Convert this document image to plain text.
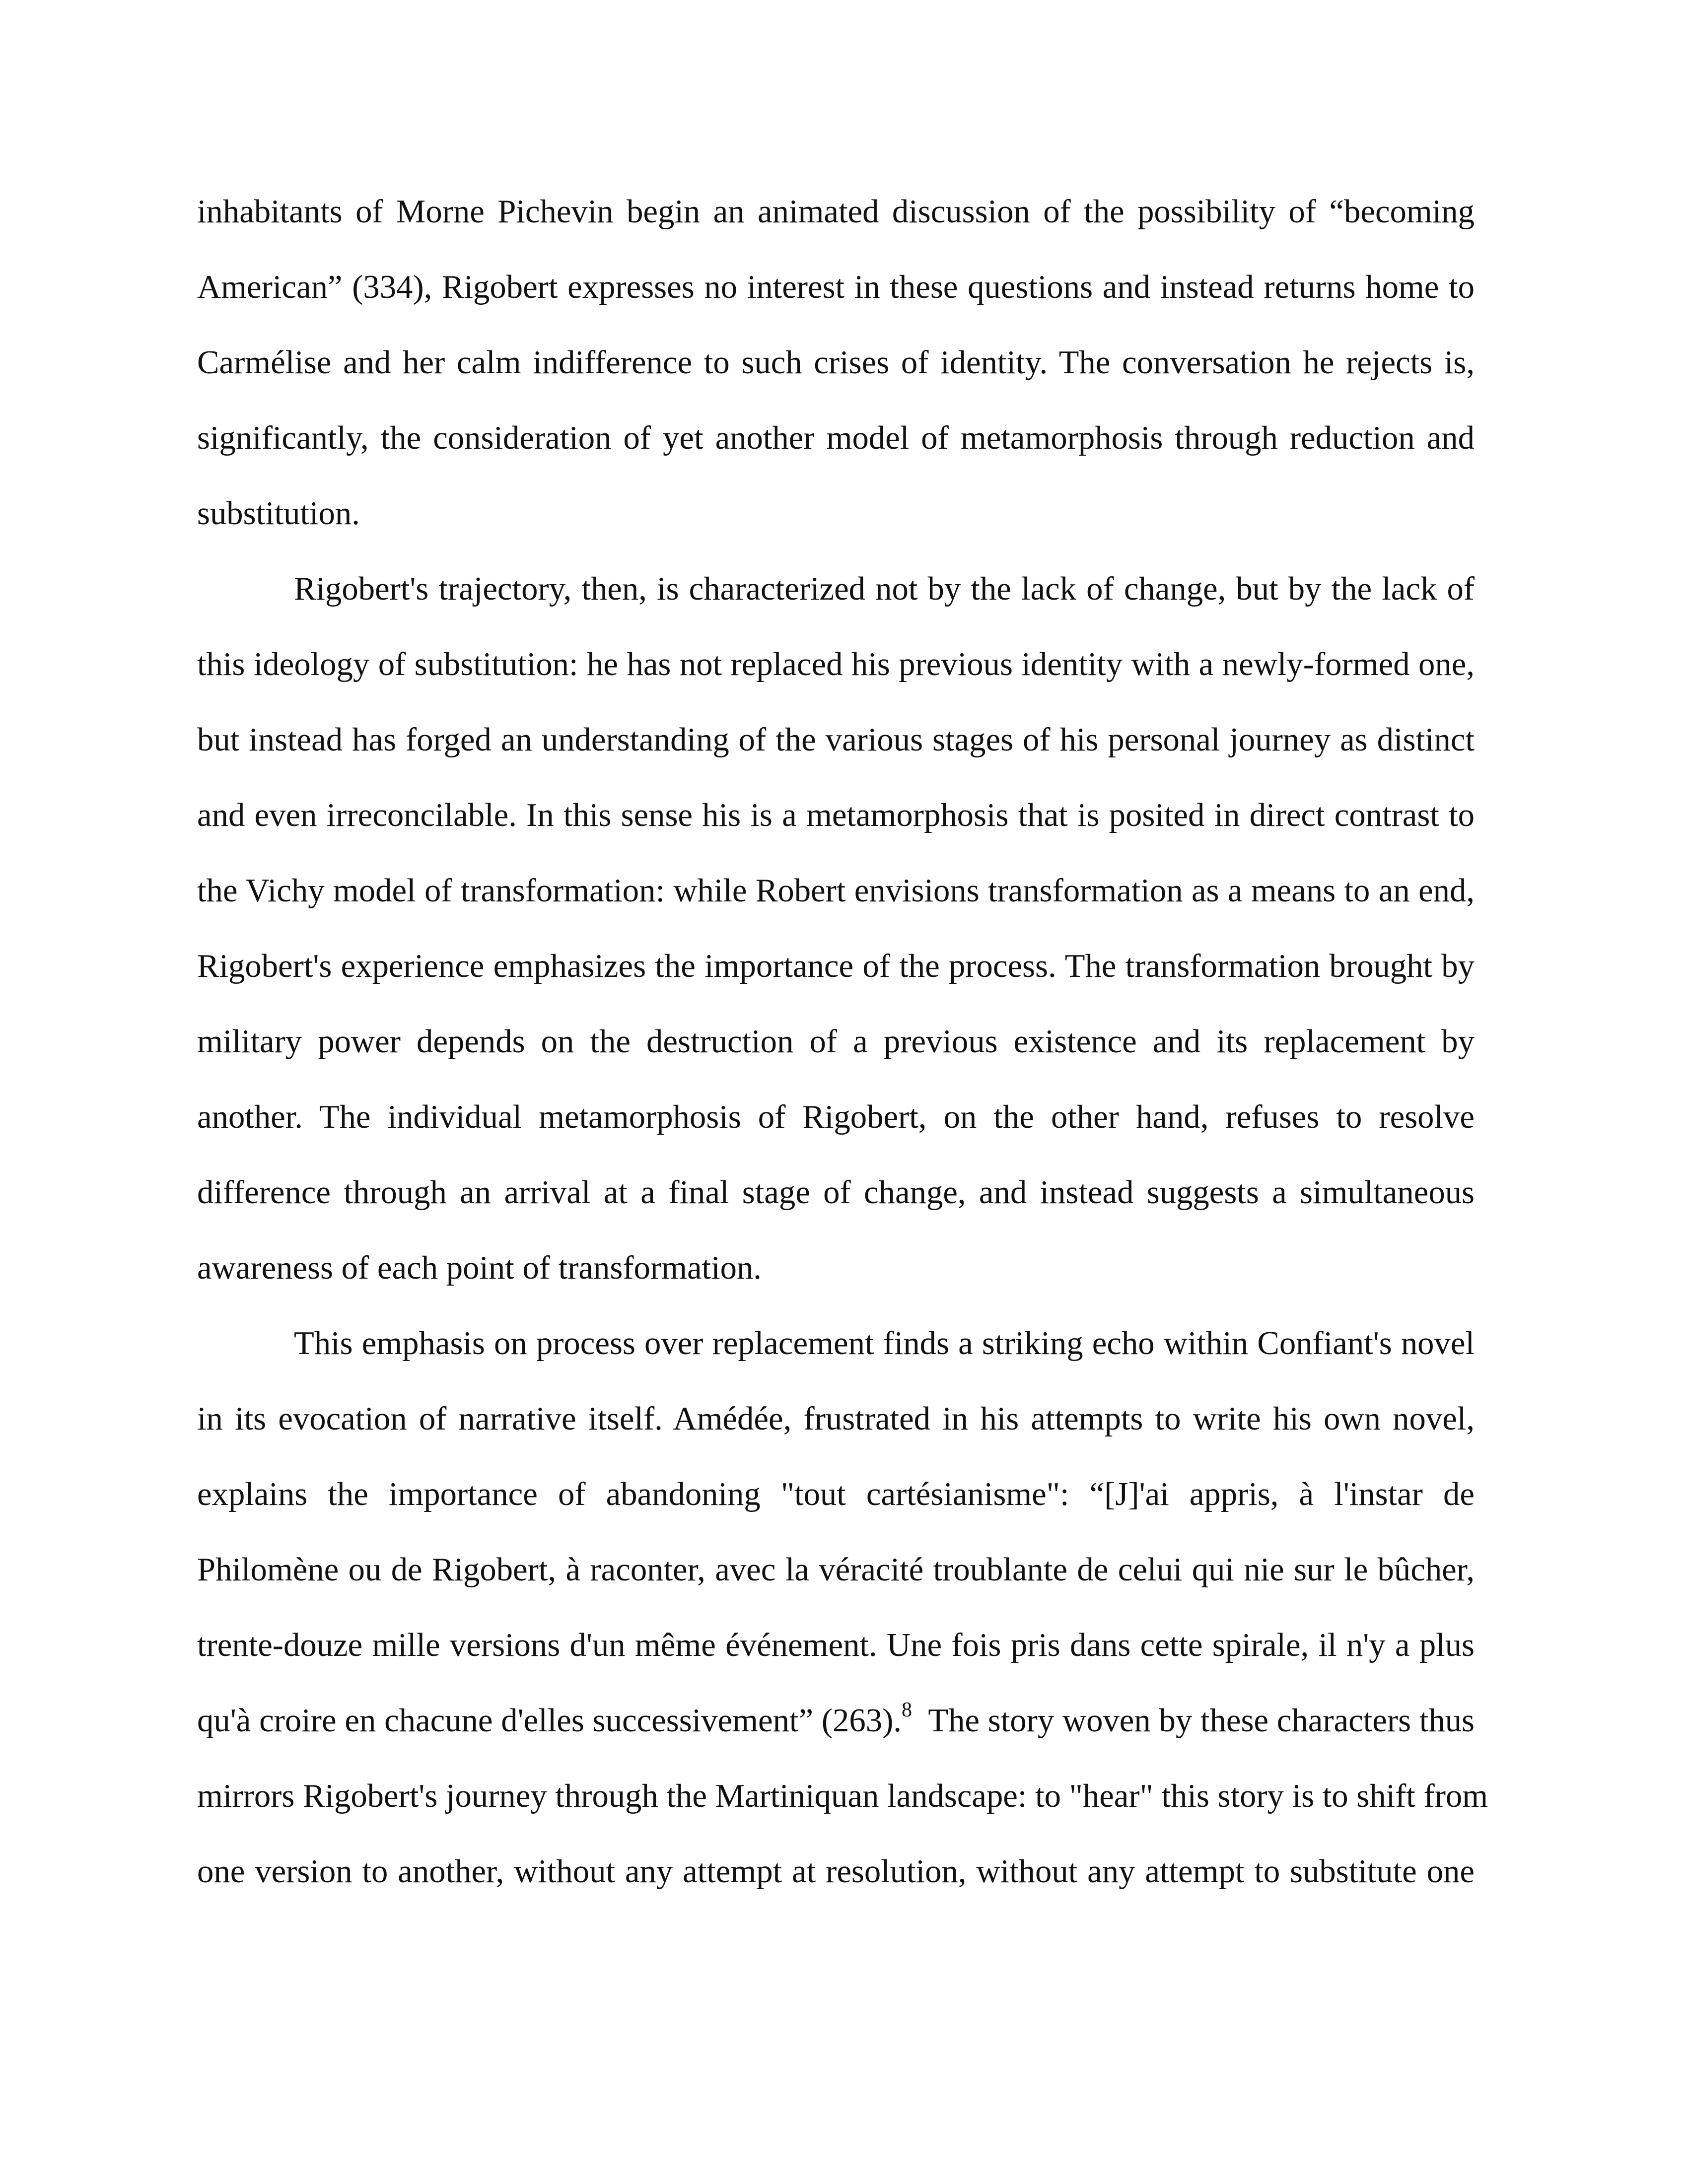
inhabitants of Morne Pichevin begin an animated discussion of the possibility of “becoming
American” (334), Rigobert expresses no interest in these questions and instead returns home to
Carmélise and her calm indifference to such crises of identity. The conversation he rejects is,
significantly, the consideration of yet another model of metamorphosis through reduction and
substitution.
Rigobert's trajectory, then, is characterized not by the lack of change, but by the lack of
this ideology of substitution: he has not replaced his previous identity with a newly-formed one,
but instead has forged an understanding of the various stages of his personal journey as distinct
and even irreconcilable. In this sense his is a metamorphosis that is posited in direct contrast to
the Vichy model of transformation: while Robert envisions transformation as a means to an end,
Rigobert's experience emphasizes the importance of the process. The transformation brought by
military power depends on the destruction of a previous existence and its replacement by
another. The individual metamorphosis of Rigobert, on the other hand, refuses to resolve
difference through an arrival at a final stage of change, and instead suggests a simultaneous
awareness of each point of transformation.
This emphasis on process over replacement finds a striking echo within Confiant's novel
in its evocation of narrative itself. Amédée, frustrated in his attempts to write his own novel,
explains the importance of abandoning "tout cartésianisme": “[J]'ai appris, à l'instar de
Philomène ou de Rigobert, à raconter, avec la véracité troublante de celui qui nie sur le bûcher,
trente-douze mille versions d'un même événement. Une fois pris dans cette spirale, il n'y a plus
qu'à croire en chacune d'elles successivement” (263).$^8$  The story woven by these characters thus
mirrors Rigobert's journey through the Martiniquan landscape: to "hear" this story is to shift from
one version to another, without any attempt at resolution, without any attempt to substitute one
